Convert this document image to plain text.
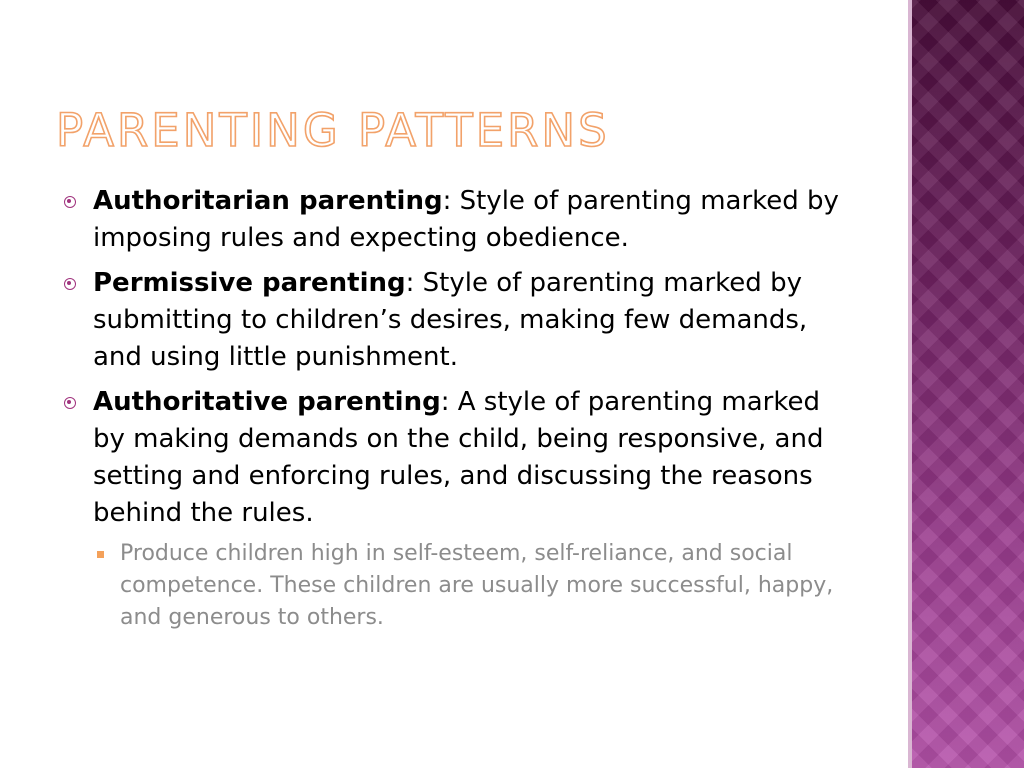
PARENTING PATTERNS
Authoritarian parenting: Style of parenting marked by imposing rules and expecting obedience.
Permissive parenting: Style of parenting marked by submitting to children’s desires, making few demands, and using little punishment.
Authoritative parenting: A style of parenting marked by making demands on the child, being responsive, and setting and enforcing rules, and discussing the reasons behind the rules.
Produce children high in self-esteem, self-reliance, and social competence. These children are usually more successful, happy, and generous to others.
